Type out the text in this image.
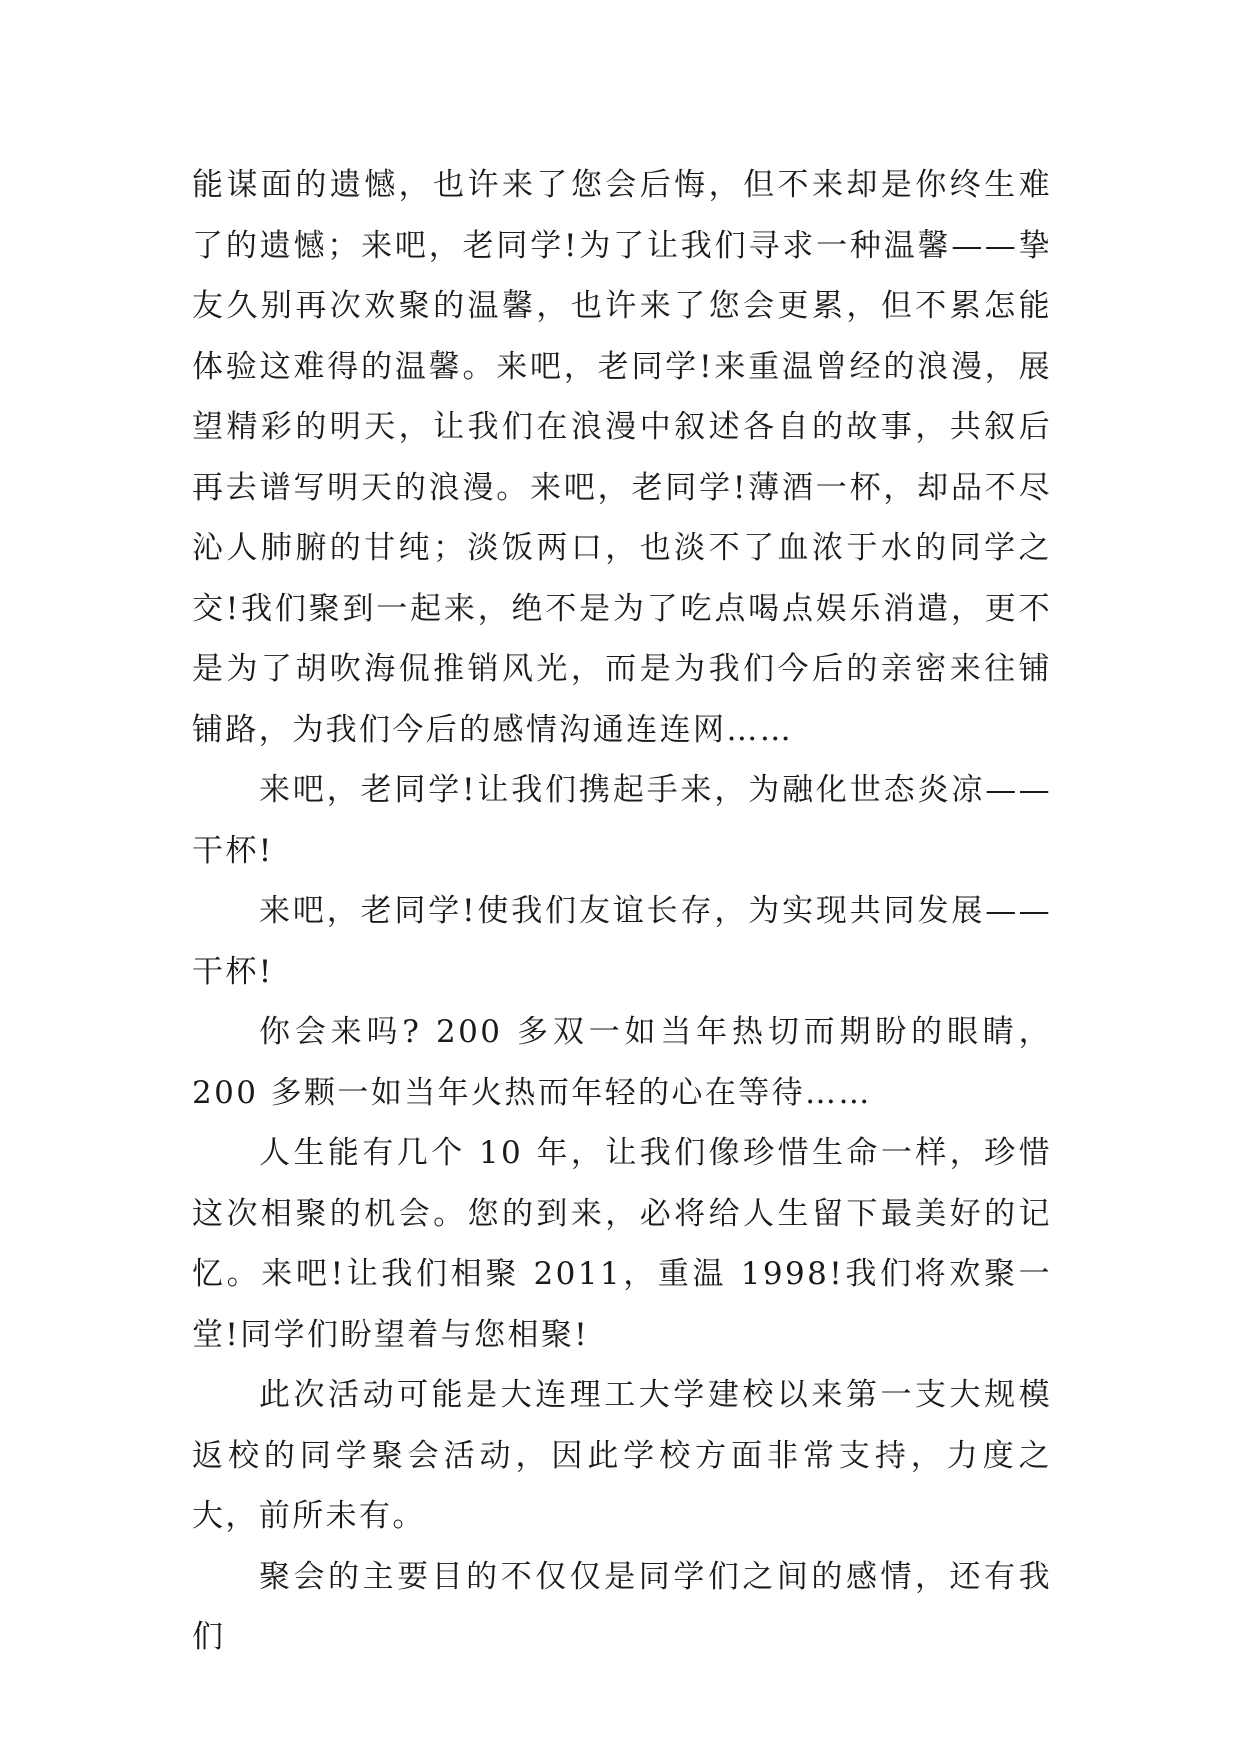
能谋面的遗憾，也许来了您会后悔，但不来却是你终生难了的遗憾；来吧，老同学!为了让我们寻求一种温馨——挚友久别再次欢聚的温馨，也许来了您会更累，但不累怎能体验这难得的温馨。来吧，老同学!来重温曾经的浪漫，展望精彩的明天，让我们在浪漫中叙述各自的故事，共叙后再去谱写明天的浪漫。来吧，老同学!薄酒一杯，却品不尽沁人肺腑的甘纯；淡饭两口，也淡不了血浓于水的同学之交!我们聚到一起来，绝不是为了吃点喝点娱乐消遣，更不是为了胡吹海侃推销风光，而是为我们今后的亲密来往铺铺路，为我们今后的感情沟通连连网……

来吧，老同学!让我们携起手来，为融化世态炎凉——干杯!

来吧，老同学!使我们友谊长存，为实现共同发展——干杯!

你会来吗? 200 多双一如当年热切而期盼的眼睛，200 多颗一如当年火热而年轻的心在等待……

人生能有几个 10 年，让我们像珍惜生命一样，珍惜这次相聚的机会。您的到来，必将给人生留下最美好的记忆。来吧!让我们相聚 2011，重温 1998!我们将欢聚一堂!同学们盼望着与您相聚!

此次活动可能是大连理工大学建校以来第一支大规模返校的同学聚会活动，因此学校方面非常支持，力度之大，前所未有。

聚会的主要目的不仅仅是同学们之间的感情，还有我们
